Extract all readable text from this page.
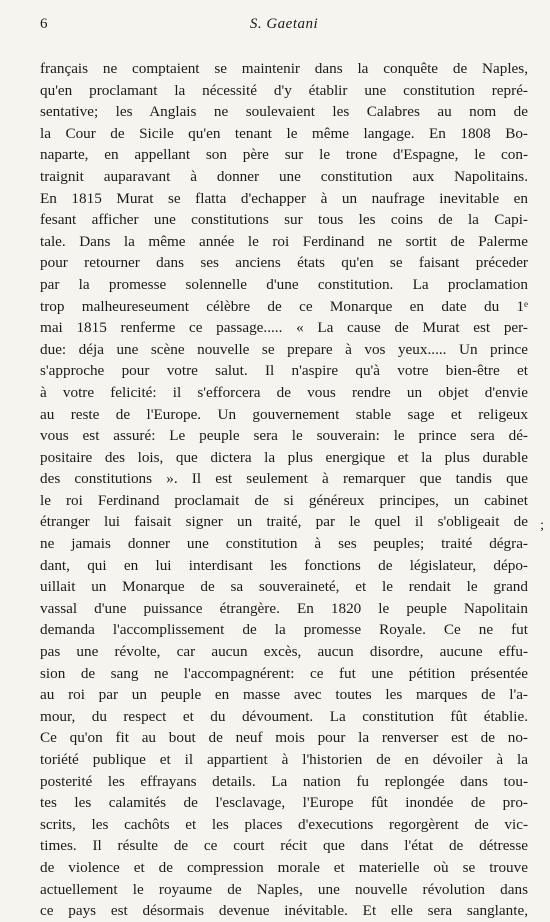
6	S. Gaetani
français ne comptaient se maintenir dans la conquête de Naples,
qu'en proclamant la nécessité d'y établir une constitution repré-
sentative; les Anglais ne soulevaient les Calabres au nom de
la Cour de Sicile qu'en tenant le même langage. En 1808 Bo-
naparte, en appellant son père sur le trone d'Espagne, le con-
traignit auparavant à donner une constitution aux Napolitains.
En 1815 Murat se flatta d'echapper à un naufrage inevitable en
fesant afficher une constitutions sur tous les coins de la Capi-
tale. Dans la même année le roi Ferdinand ne sortit de Palerme
pour retourner dans ses anciens états qu'en se faisant préceder
par la promesse solennelle d'une constitution. La proclamation
trop malheureseument célèbre de ce Monarque en date du 1ᵉ
mai 1815 renferme ce passage..... « La cause de Murat est per-
due: déja une scène nouvelle se prepare à vos yeux..... Un prince
s'approche pour votre salut. Il n'aspire qu'à votre bien-être et
à votre felicité: il s'efforcera de vous rendre un objet d'envie
au reste de l'Europe. Un gouvernement stable sage et religeux
vous est assuré: Le peuple sera le souverain: le prince sera dé-
positaire des lois, que dictera la plus energique et la plus durable
des constitutions ». Il est seulement à remarquer que tandis que
le roi Ferdinand proclamait de si généreux principes, un cabinet
étranger lui faisait signer un traité, par le quel il s'obligeait de
ne jamais donner une constitution à ses peuples; traité dégra-
dant, qui en lui interdisant les fonctions de législateur, dépo-
uillait un Monarque de sa souveraineté, et le rendait le grand
vassal d'une puissance étrangère. En 1820 le peuple Napolitain
demanda l'accomplissement de la promesse Royale. Ce ne fut
pas une révolte, car aucun excès, aucun disordre, aucune effu-
sion de sang ne l'accompagnérent: ce fut une pétition présentée
au roi par un peuple en masse avec toutes les marques de l'a-
mour, du respect et du dévoument. La constitution fût établie.
Ce qu'on fit au bout de neuf mois pour la renverser est de no-
toriété publique et il appartient à l'historien de en dévoiler à la
posterité les effrayans details. La nation fu replongée dans tou-
tes les calamités de l'esclavage, l'Europe fût inondée de pro-
scrits, les cachôts et les places d'executions regorgèrent de vic-
times. Il résulte de ce court récit que dans l'état de détresse
de violence et de compression morale et materielle où se trouve
actuellement le royaume de Naples, une nouvelle révolution dans
ce pays est désormais devenue inévitable. Et elle sera sanglante,
;
